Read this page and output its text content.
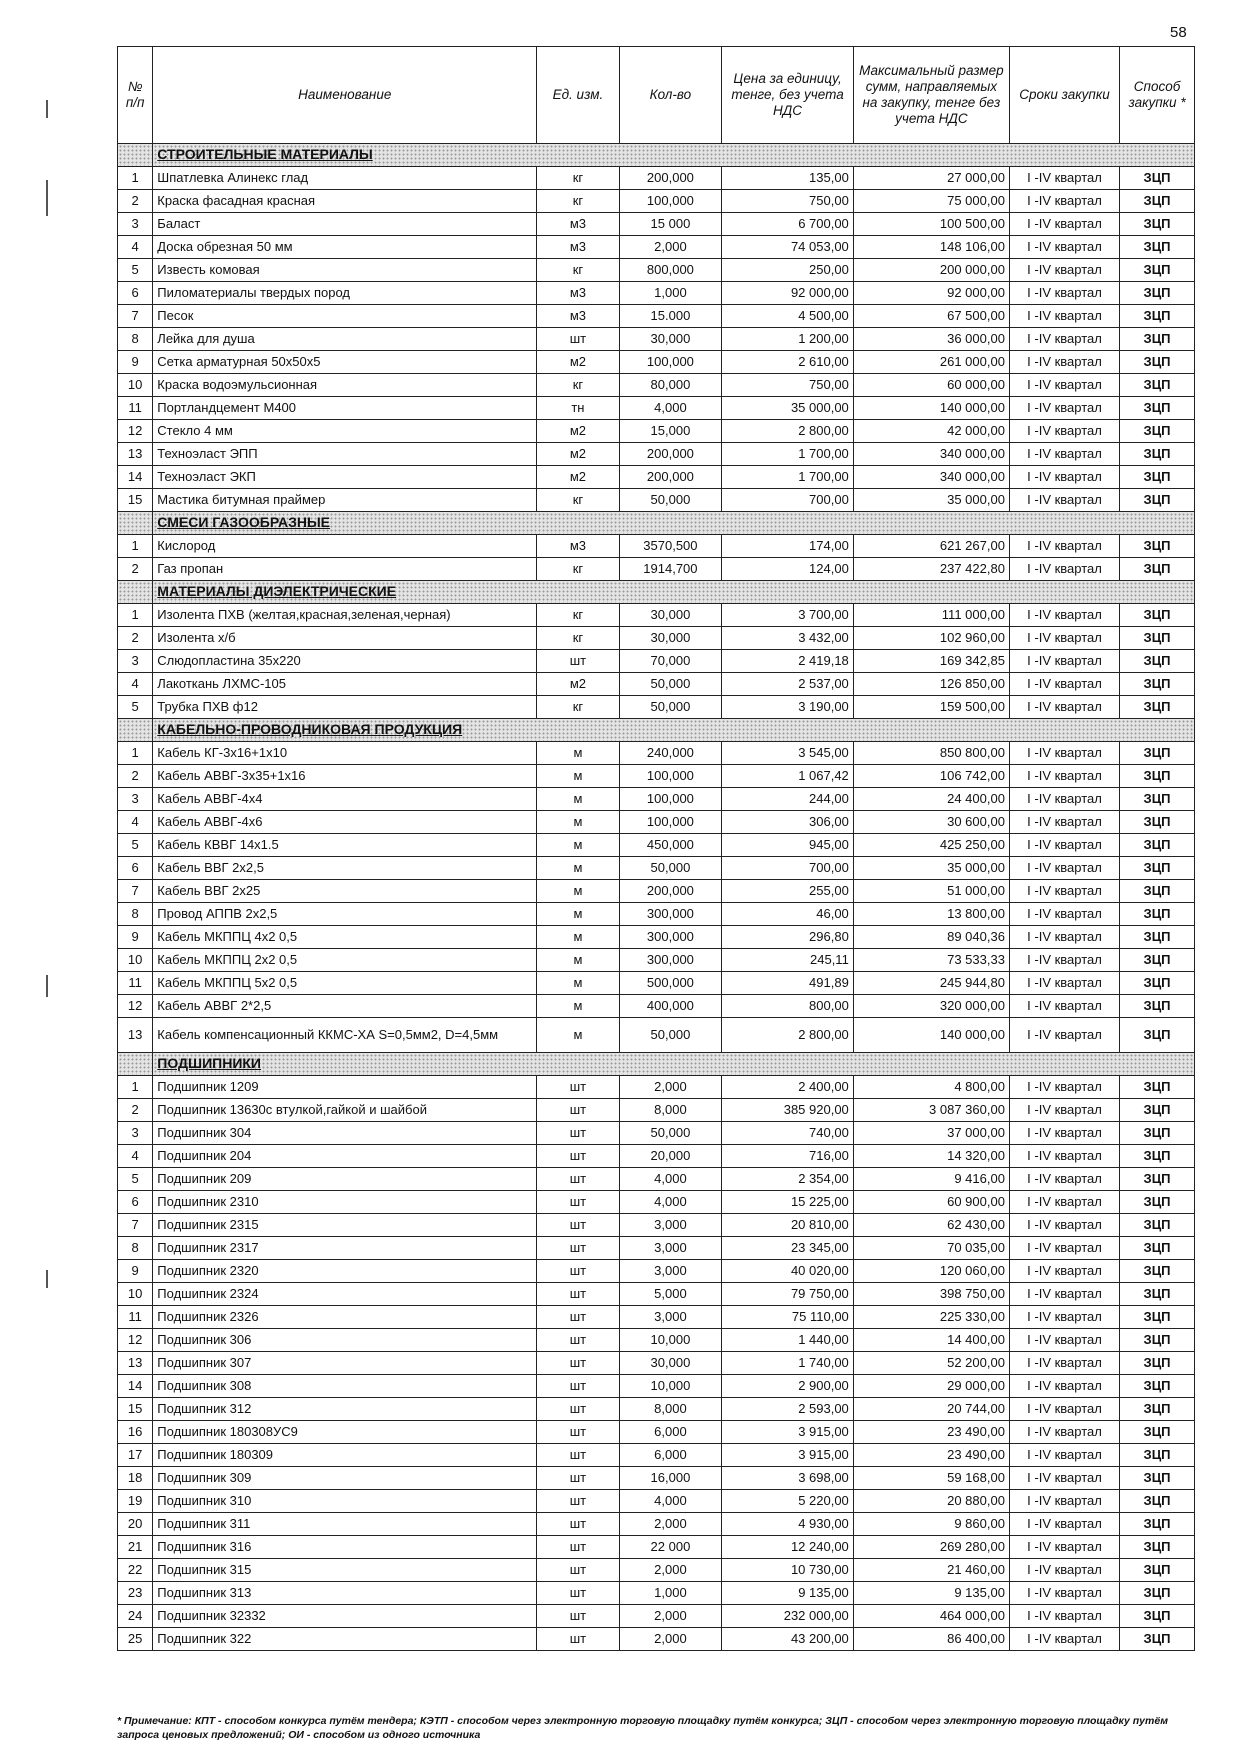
58
№ п/п	Наименование	Ед. изм.	Кол-во	Цена за единицу, тенге, без учета НДС	Максимальный размер сумм, направляемых на закупку, тенге без учета НДС	Сроки закупки	Способ закупки *
	СТРОИТЕЛЬНЫЕ МАТЕРИАЛЫ						
1	Шпатлевка Алинекс глад	кг	200,000	135,00	27 000,00	I -IV квартал	ЗЦП
2	Краска фасадная красная	кг	100,000	750,00	75 000,00	I -IV квартал	ЗЦП
3	Баласт	м3	15 000	6 700,00	100 500,00	I -IV квартал	ЗЦП
4	Доска обрезная 50 мм	м3	2,000	74 053,00	148 106,00	I -IV квартал	ЗЦП
5	Известь комовая	кг	800,000	250,00	200 000,00	I -IV квартал	ЗЦП
6	Пиломатериалы твердых пород	м3	1,000	92 000,00	92 000,00	I -IV квартал	ЗЦП
7	Песок	м3	15.000	4 500,00	67 500,00	I -IV квартал	ЗЦП
8	Лейка для душа	шт	30,000	1 200,00	36 000,00	I -IV квартал	ЗЦП
9	Сетка арматурная 50х50х5	м2	100,000	2 610,00	261 000,00	I -IV квартал	ЗЦП
10	Краска водоэмульсионная	кг	80,000	750,00	60 000,00	I -IV квартал	ЗЦП
11	Портландцемент М400	тн	4,000	35 000,00	140 000,00	I -IV квартал	ЗЦП
12	Стекло 4 мм	м2	15,000	2 800,00	42 000,00	I -IV квартал	ЗЦП
13	Техноэласт ЭПП	м2	200,000	1 700,00	340 000,00	I -IV квартал	ЗЦП
14	Техноэласт ЭКП	м2	200,000	1 700,00	340 000,00	I -IV квартал	ЗЦП
15	Мастика битумная праймер	кг	50,000	700,00	35 000,00	I -IV квартал	ЗЦП
	СМЕСИ ГАЗООБРАЗНЫЕ						
1	Кислород	м3	3570,500	174,00	621 267,00	I -IV квартал	ЗЦП
2	Газ пропан	кг	1914,700	124,00	237 422,80	I -IV квартал	ЗЦП
	МАТЕРИАЛЫ ДИЭЛЕКТРИЧЕСКИЕ						
1	Изолента ПХВ (желтая,красная,зеленая,черная)	кг	30,000	3 700,00	111 000,00	I -IV квартал	ЗЦП
2	Изолента х/б	кг	30,000	3 432,00	102 960,00	I -IV квартал	ЗЦП
3	Слюдопластина 35х220	шт	70,000	2 419,18	169 342,85	I -IV квартал	ЗЦП
4	Лакоткань ЛХМС-105	м2	50,000	2 537,00	126 850,00	I -IV квартал	ЗЦП
5	Трубка ПХВ ф12	кг	50,000	3 190,00	159 500,00	I -IV квартал	ЗЦП
	КАБЕЛЬНО-ПРОВОДНИКОВАЯ ПРОДУКЦИЯ						
1	Кабель КГ-3х16+1х10	м	240,000	3 545,00	850 800,00	I -IV квартал	ЗЦП
2	Кабель АВВГ-3х35+1х16	м	100,000	1 067,42	106 742,00	I -IV квартал	ЗЦП
3	Кабель АВВГ-4х4	м	100,000	244,00	24 400,00	I -IV квартал	ЗЦП
4	Кабель АВВГ-4х6	м	100,000	306,00	30 600,00	I -IV квартал	ЗЦП
5	Кабель КВВГ 14х1.5	м	450,000	945,00	425 250,00	I -IV квартал	ЗЦП
6	Кабель ВВГ 2х2,5	м	50,000	700,00	35 000,00	I -IV квартал	ЗЦП
7	Кабель ВВГ 2х25	м	200,000	255,00	51 000,00	I -IV квартал	ЗЦП
8	Провод АППВ 2х2,5	м	300,000	46,00	13 800,00	I -IV квартал	ЗЦП
9	Кабель МКППЦ 4х2 0,5	м	300,000	296,80	89 040,36	I -IV квартал	ЗЦП
10	Кабель МКППЦ 2х2 0,5	м	300,000	245,11	73 533,33	I -IV квартал	ЗЦП
11	Кабель МКППЦ 5х2 0,5	м	500,000	491,89	245 944,80	I -IV квартал	ЗЦП
12	Кабель АВВГ 2*2,5	м	400,000	800,00	320 000,00	I -IV квартал	ЗЦП
13	Кабель компенсационный ККМС-ХА S=0,5мм2, D=4,5мм	м	50,000	2 800,00	140 000,00	I -IV квартал	ЗЦП
	ПОДШИПНИКИ						
1	Подшипник 1209	шт	2,000	2 400,00	4 800,00	I -IV квартал	ЗЦП
2	Подшипник 13630с втулкой,гайкой и шайбой	шт	8,000	385 920,00	3 087 360,00	I -IV квартал	ЗЦП
3	Подшипник 304	шт	50,000	740,00	37 000,00	I -IV квартал	ЗЦП
4	Подшипник 204	шт	20,000	716,00	14 320,00	I -IV квартал	ЗЦП
5	Подшипник 209	шт	4,000	2 354,00	9 416,00	I -IV квартал	ЗЦП
6	Подшипник 2310	шт	4,000	15 225,00	60 900,00	I -IV квартал	ЗЦП
7	Подшипник 2315	шт	3,000	20 810,00	62 430,00	I -IV квартал	ЗЦП
8	Подшипник 2317	шт	3,000	23 345,00	70 035,00	I -IV квартал	ЗЦП
9	Подшипник 2320	шт	3,000	40 020,00	120 060,00	I -IV квартал	ЗЦП
10	Подшипник 2324	шт	5,000	79 750,00	398 750,00	I -IV квартал	ЗЦП
11	Подшипник 2326	шт	3,000	75 110,00	225 330,00	I -IV квартал	ЗЦП
12	Подшипник 306	шт	10,000	1 440,00	14 400,00	I -IV квартал	ЗЦП
13	Подшипник 307	шт	30,000	1 740,00	52 200,00	I -IV квартал	ЗЦП
14	Подшипник 308	шт	10,000	2 900,00	29 000,00	I -IV квартал	ЗЦП
15	Подшипник 312	шт	8,000	2 593,00	20 744,00	I -IV квартал	ЗЦП
16	Подшипник 180308УС9	шт	6,000	3 915,00	23 490,00	I -IV квартал	ЗЦП
17	Подшипник 180309	шт	6,000	3 915,00	23 490,00	I -IV квартал	ЗЦП
18	Подшипник 309	шт	16,000	3 698,00	59 168,00	I -IV квартал	ЗЦП
19	Подшипник 310	шт	4,000	5 220,00	20 880,00	I -IV квартал	ЗЦП
20	Подшипник 311	шт	2,000	4 930,00	9 860,00	I -IV квартал	ЗЦП
21	Подшипник 316	шт	22 000	12 240,00	269 280,00	I -IV квартал	ЗЦП
22	Подшипник 315	шт	2,000	10 730,00	21 460,00	I -IV квартал	ЗЦП
23	Подшипник 313	шт	1,000	9 135,00	9 135,00	I -IV квартал	ЗЦП
24	Подшипник 32332	шт	2,000	232 000,00	464 000,00	I -IV квартал	ЗЦП
25	Подшипник 322	шт	2,000	43 200,00	86 400,00	I -IV квартал	ЗЦП
* Примечание: КПТ - способом конкурса путём тендера; КЭТП - способом через электронную торговую площадку путём конкурса; ЗЦП - способом через электронную торговую площадку путём запроса ценовых предложений; ОИ - способом из одного источника
